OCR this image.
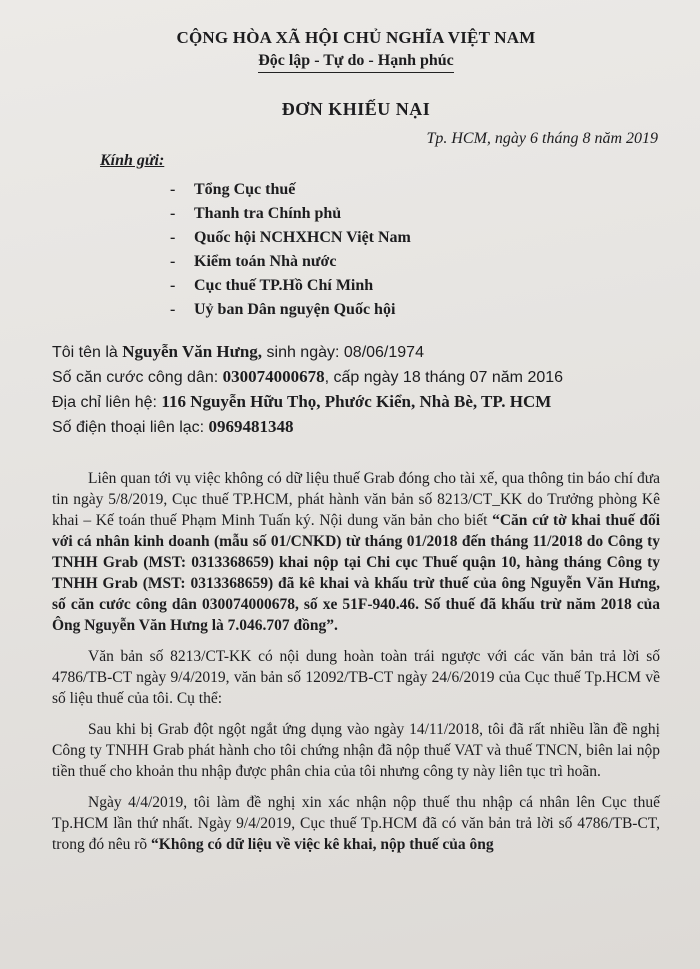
CỘNG HÒA XÃ HỘI CHỦ NGHĨA VIỆT NAM
Độc lập - Tự do - Hạnh phúc
ĐƠN KHIẾU NẠI
Tp. HCM, ngày 6 tháng 8 năm 2019
Kính gửi:
- Tổng Cục thuế
- Thanh tra Chính phủ
- Quốc hội NCHXHCN Việt Nam
- Kiểm toán Nhà nước
- Cục thuế TP.Hồ Chí Minh
- Uỷ ban Dân nguyện Quốc hội
Tôi tên là Nguyễn Văn Hưng, sinh ngày: 08/06/1974
Số căn cước công dân: 030074000678, cấp ngày 18 tháng 07 năm 2016
Địa chỉ liên hệ: 116 Nguyễn Hữu Thọ, Phước Kiển, Nhà Bè, TP. HCM
Số điện thoại liên lạc: 0969481348

Liên quan tới vụ việc không có dữ liệu thuế Grab đóng cho tài xế, qua thông tin báo chí đưa tin ngày 5/8/2019, Cục thuế TP.HCM, phát hành văn bản số 8213/CT_KK do Trưởng phòng Kê khai – Kế toán thuế Phạm Minh Tuấn ký. Nội dung văn bản cho biết “Căn cứ tờ khai thuế đối với cá nhân kinh doanh (mẫu số 01/CNKD) từ tháng 01/2018 đến tháng 11/2018 do Công ty TNHH Grab (MST: 0313368659) khai nộp tại Chi cục Thuế quận 10, hàng tháng Công ty TNHH Grab (MST: 0313368659) đã kê khai và khấu trừ thuế của ông Nguyễn Văn Hưng, số căn cước công dân 030074000678, số xe 51F-940.46. Số thuế đã khấu trừ năm 2018 của Ông Nguyễn Văn Hưng là 7.046.707 đồng”.

Văn bản số 8213/CT-KK có nội dung hoàn toàn trái ngược với các văn bản trả lời số 4786/TB-CT ngày 9/4/2019, văn bản số 12092/TB-CT ngày 24/6/2019 của Cục thuế Tp.HCM về số liệu thuế của tôi. Cụ thể:

Sau khi bị Grab đột ngột ngắt ứng dụng vào ngày 14/11/2018, tôi đã rất nhiều lần đề nghị Công ty TNHH Grab phát hành cho tôi chứng nhận đã nộp thuế VAT và thuế TNCN, biên lai nộp tiền thuế cho khoản thu nhập được phân chia của tôi nhưng công ty này liên tục trì hoãn.

Ngày 4/4/2019, tôi làm đề nghị xin xác nhận nộp thuế thu nhập cá nhân lên Cục thuế Tp.HCM lần thứ nhất. Ngày 9/4/2019, Cục thuế Tp.HCM đã có văn bản trả lời số 4786/TB-CT, trong đó nêu rõ “Không có dữ liệu về việc kê khai, nộp thuế của ông
